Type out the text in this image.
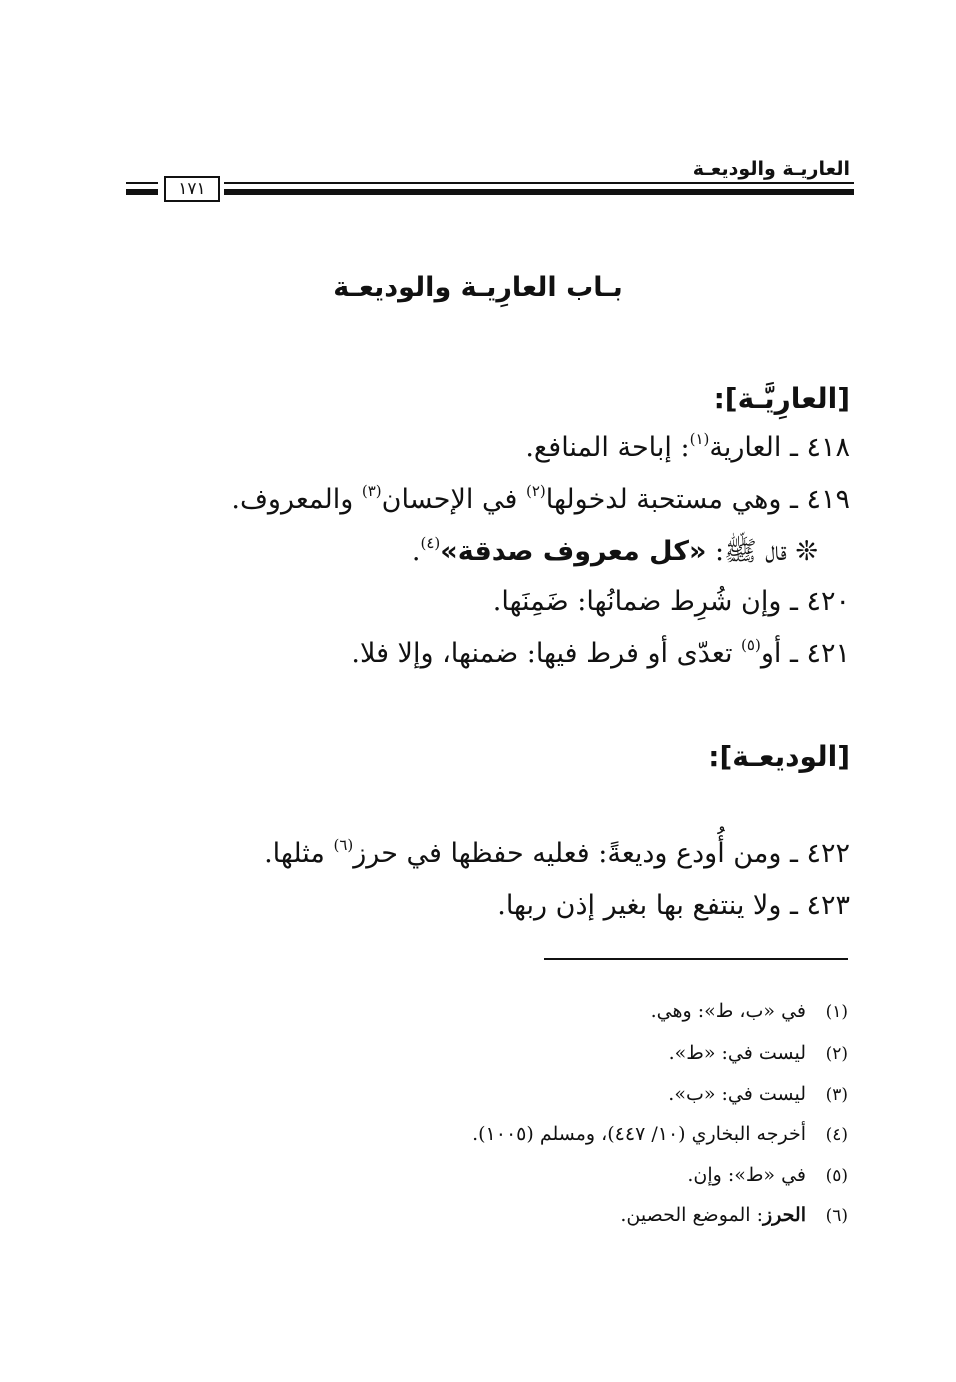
العاريـة والوديعـة
١٧١
بـاب العارِيـة والوديعـة
[العارِيَّـة]:
٤١٨ ـ العارية$^{(١)}$: إباحة المنافع.
٤١٩ ـ وهي مستحبة لدخولها$^{(٢)}$ في الإحسان$^{(٣)}$ والمعروف.
❊ قال ﷺ: «كل معروف صدقة»$^{(٤)}$.
٤٢٠ ـ وإن شُرِط ضمانُها: ضَمِنَها.
٤٢١ ـ أو$^{(٥)}$ تعدّى أو فرط فيها: ضمنها، وإلا فلا.
[الوديعـة]:
٤٢٢ ـ ومن أُودع وديعةً: فعليه حفظها في حرز$^{(٦)}$ مثلها.
٤٢٣ ـ ولا ينتفع بها بغير إذن ربها.
(١)في «ب، ط»: وهي.
(٢)ليست في: «ط».
(٣)ليست في: «ب».
(٤)أخرجه البخاري (١٠/ ٤٤٧)، ومسلم (١٠٠٥).
(٥)في «ط»: وإن.
(٦)الحرز: الموضع الحصين.
